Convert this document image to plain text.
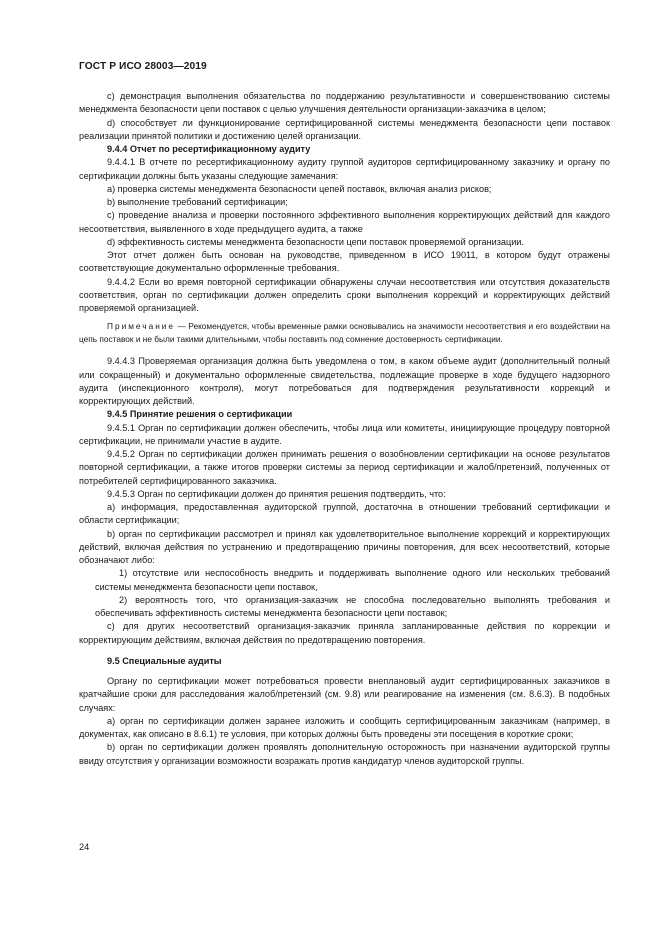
ГОСТ Р ИСО 28003—2019

c) демонстрация выполнения обязательства по поддержанию результативности и совершенствованию системы менеджмента безопасности цепи поставок с целью улучшения деятельности организации-заказчика в целом;

d) способствует ли функционирование сертифицированной системы менеджмента безопасности цепи поставок реализации принятой политики и достижению целей организации.

9.4.4 Отчет по ресертификационному аудиту

9.4.4.1 В отчете по ресертификационному аудиту группой аудиторов сертифицированному заказчику и органу по сертификации должны быть указаны следующие замечания:

a) проверка системы менеджмента безопасности цепей поставок, включая анализ рисков;

b) выполнение требований сертификации;

c) проведение анализа и проверки постоянного эффективного выполнения корректирующих действий для каждого несоответствия, выявленного в ходе предыдущего аудита, а также

d) эффективность системы менеджмента безопасности цепи поставок проверяемой организации.

Этот отчет должен быть основан на руководстве, приведенном в ИСО 19011, в котором будут отражены соответствующие документально оформленные требования.

9.4.4.2 Если во время повторной сертификации обнаружены случаи несоответствия или отсутствия доказательств соответствия, орган по сертификации должен определить сроки выполнения коррекций и корректирующих действий проверяемой организацией.

Примечание — Рекомендуется, чтобы временные рамки основывались на значимости несоответствия и его воздействии на цепь поставок и не были такими длительными, чтобы поставить под сомнение достоверность сертификации.

9.4.4.3 Проверяемая организация должна быть уведомлена о том, в каком объеме аудит (дополнительный полный или сокращенный) и документально оформленные свидетельства, подлежащие проверке в ходе будущего надзорного аудита (инспекционного контроля), могут потребоваться для подтверждения результативности коррекций и корректирующих действий.

9.4.5 Принятие решения о сертификации

9.4.5.1 Орган по сертификации должен обеспечить, чтобы лица или комитеты, инициирующие процедуру повторной сертификации, не принимали участие в аудите.

9.4.5.2 Орган по сертификации должен принимать решения о возобновлении сертификации на основе результатов повторной сертификации, а также итогов проверки системы за период сертификации и жалоб/претензий, полученных от потребителей сертифицированного заказчика.

9.4.5.3 Орган по сертификации должен до принятия решения подтвердить, что:

a) информация, предоставленная аудиторской группой, достаточна в отношении требований сертификации и области сертификации;

b) орган по сертификации рассмотрел и принял как удовлетворительное выполнение коррекций и корректирующих действий, включая действия по устранению и предотвращению причины повторения, для всех несоответствий, которые обозначают либо:

1) отсутствие или неспособность внедрить и поддерживать выполнение одного или нескольких требований системы менеджмента безопасности цепи поставок,

2) вероятность того, что организация-заказчик не способна последовательно выполнять требования и обеспечивать эффективность системы менеджмента безопасности цепи поставок;

c) для других несоответствий организация-заказчик приняла запланированные действия по коррекции и корректирующим действиям, включая действия по предотвращению повторения.

9.5 Специальные аудиты

Органу по сертификации может потребоваться провести внеплановый аудит сертифицированных заказчиков в кратчайшие сроки для расследования жалоб/претензий (см. 9.8) или реагирование на изменения (см. 8.6.3). В подобных случаях:

a) орган по сертификации должен заранее изложить и сообщить сертифицированным заказчикам (например, в документах, как описано в 8.6.1) те условия, при которых должны быть проведены эти посещения в короткие сроки;

b) орган по сертификации должен проявлять дополнительную осторожность при назначении аудиторской группы ввиду отсутствия у организации возможности возражать против кандидатур членов аудиторской группы.

24
